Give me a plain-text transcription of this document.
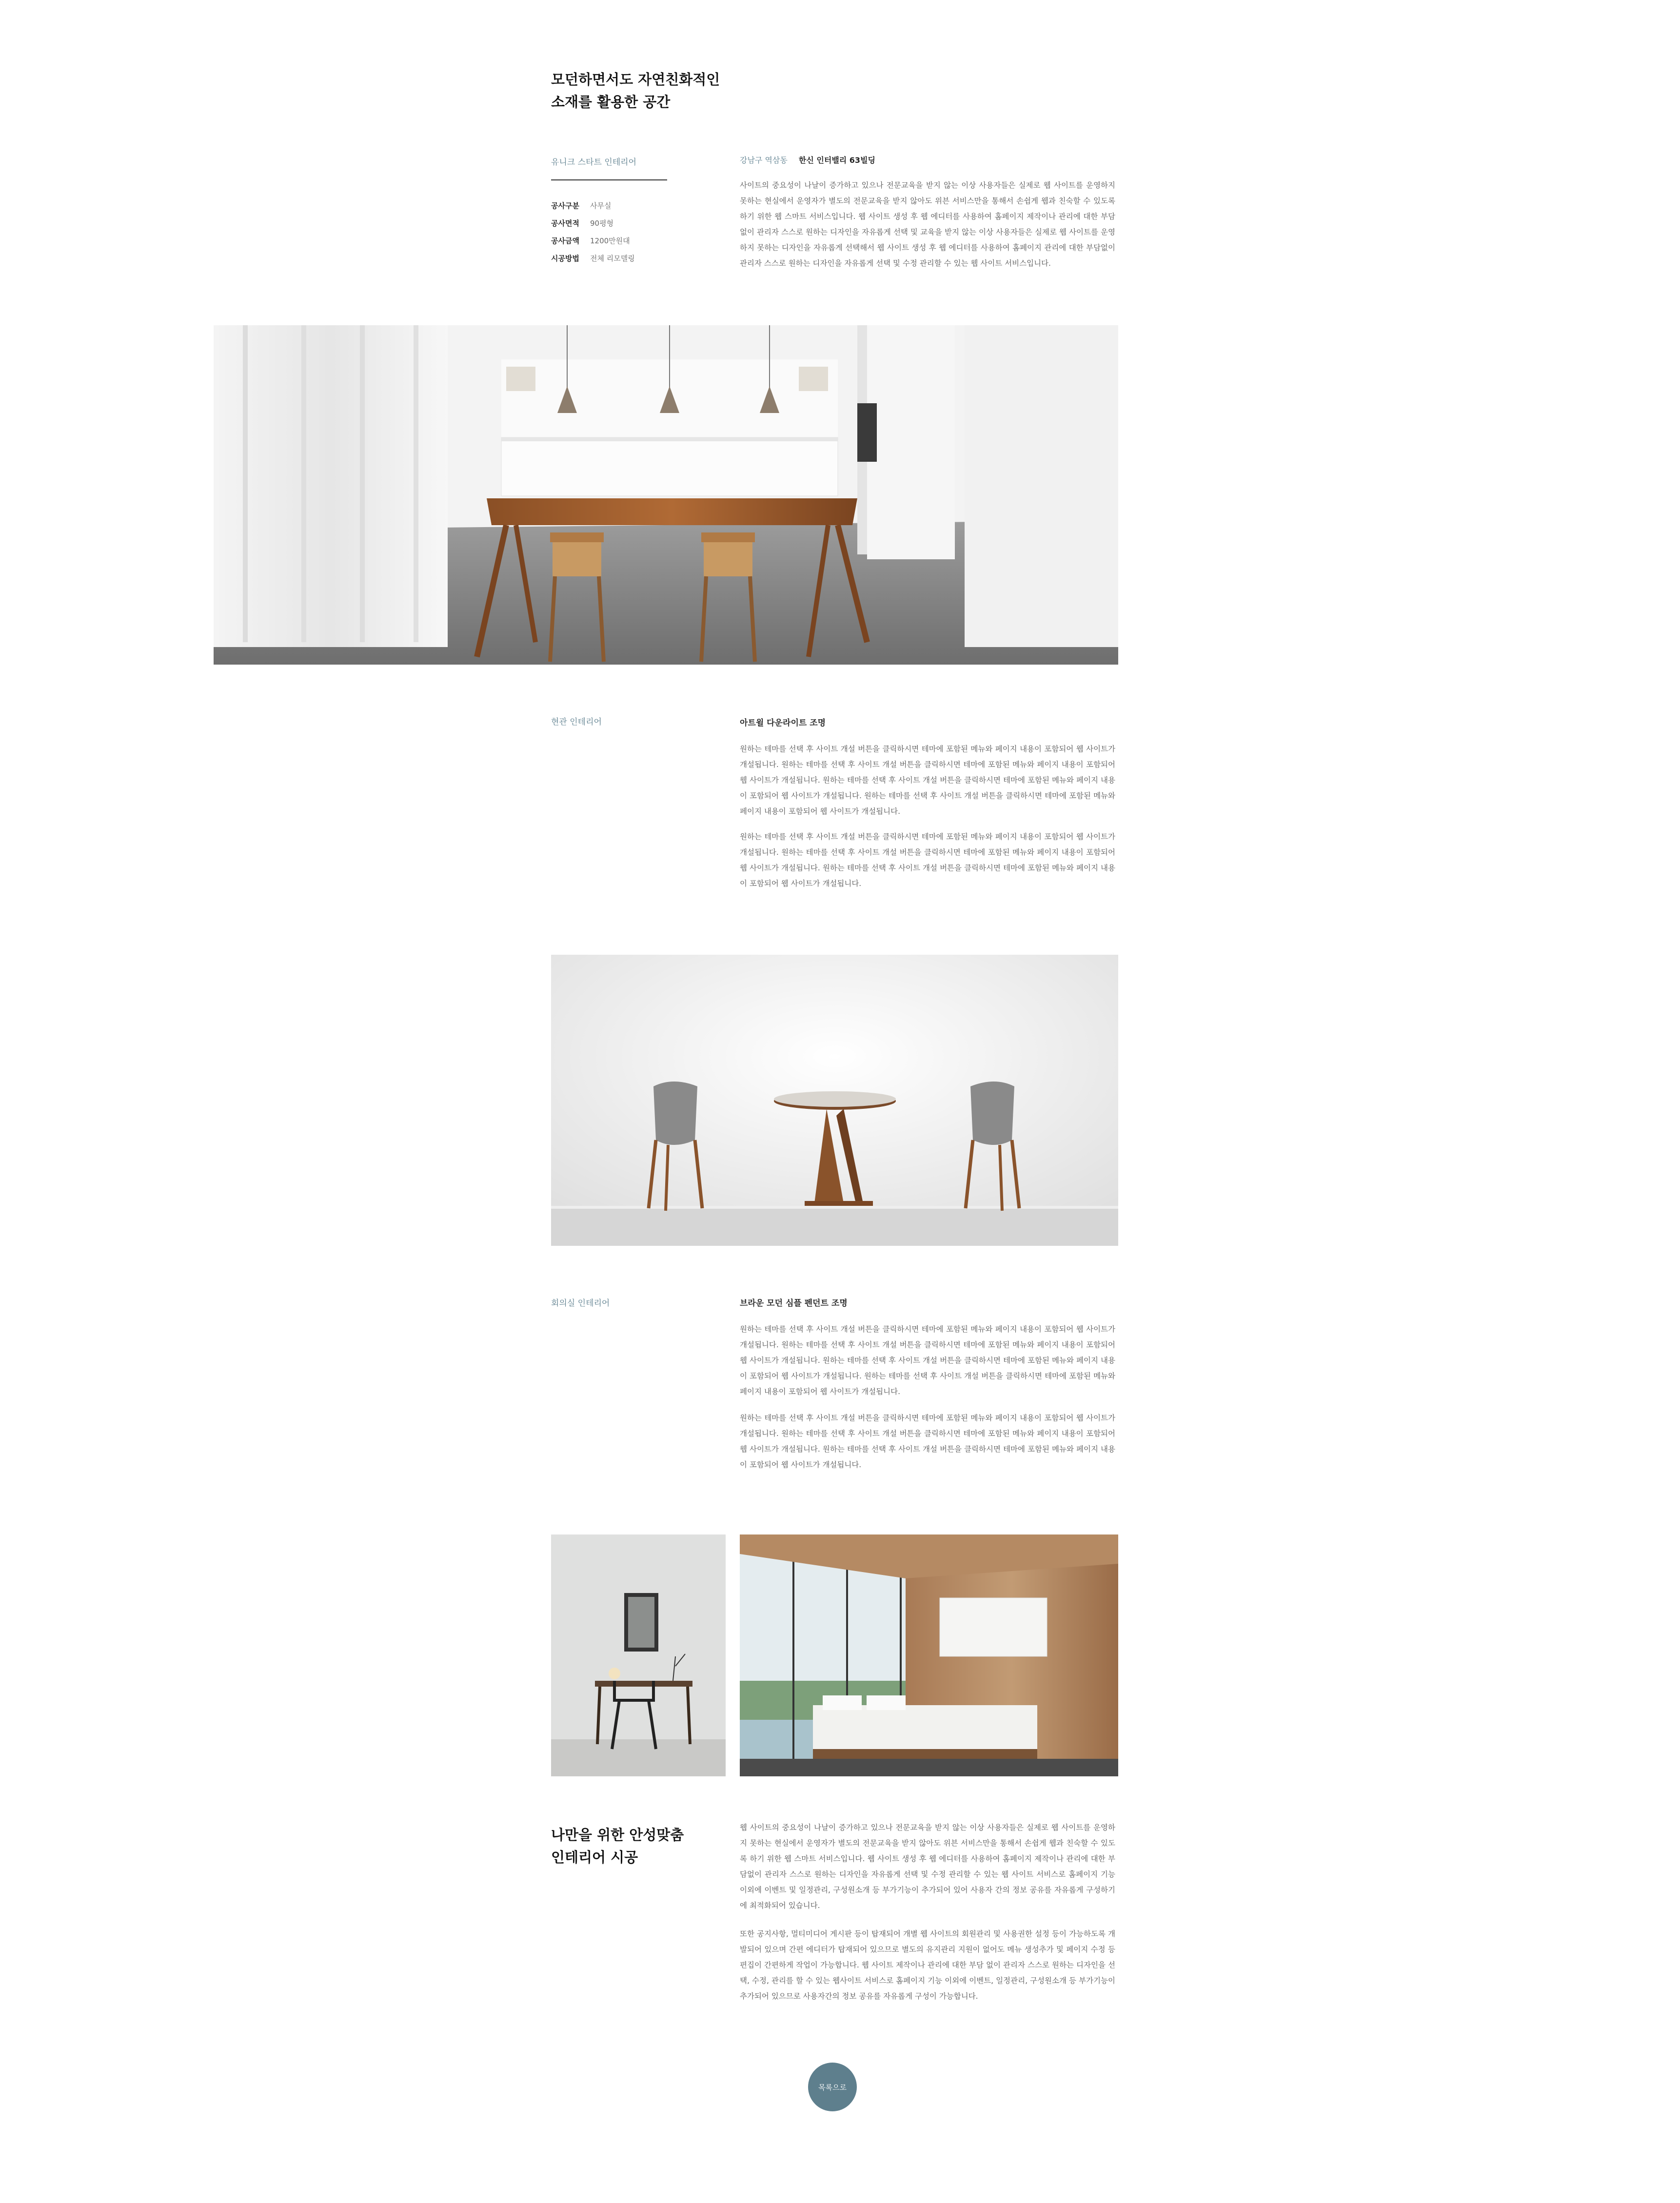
모던하면서도 자연친화적인
소재를 활용한 공간
유니크 스타트 인테리어
공사구분	사무실
공사면적	90평형
공사금액	1200만원대
시공방법	전체 리모델링
강남구 역삼동 한신 인터밸리 63빌딩
사이트의 중요성이 나날이 증가하고 있으나 전문교육을 받지 않는 이상 사용자들은 실제로 웹 사이트를 운영하지 못하는 현실에서 운영자가 별도의 전문교육을 받지 않아도 위븐 서비스만을 통해서 손쉽게 웹과 친숙할 수 있도록 하기 위한 웹 스마트 서비스입니다. 웹 사이트 생성 후 웹 에디터를 사용하여 홈페이지 제작이나 관리에 대한 부담없이 관리자 스스로 원하는 디자인을 자유롭게 선택 및 교육을 받지 않는 이상 사용자들은 실제로 웹 사이트를 운영하지 못하는 디자인을 자유롭게 선택해서 웹 사이트 생성 후 웹 에디터를 사용하여 홈페이지 관리에 대한 부담없이 관리자 스스로 원하는 디자인을 자유롭게 선택 및 수정 관리할 수 있는 웹 사이트 서비스입니다.
현관 인테리어	아트윌 다운라이트 조명
원하는 테마를 선택 후 사이트 개설 버튼을 클릭하시면 테마에 포함된 메뉴와 페이지 내용이 포함되어 웹 사이트가 개설됩니다. 원하는 테마를 선택 후 사이트 개설 버튼을 클릭하시면 테마에 포함된 메뉴와 페이지 내용이 포함되어 웹 사이트가 개설됩니다. 원하는 테마를 선택 후 사이트 개설 버튼을 클릭하시면 테마에 포함된 메뉴와 페이지 내용이 포함되어 웹 사이트가 개설됩니다. 원하는 테마를 선택 후 사이트 개설 버튼을 클릭하시면 테마에 포함된 메뉴와 페이지 내용이 포함되어 웹 사이트가 개설됩니다.
원하는 테마를 선택 후 사이트 개설 버튼을 클릭하시면 테마에 포함된 메뉴와 페이지 내용이 포함되어 웹 사이트가 개설됩니다. 원하는 테마를 선택 후 사이트 개설 버튼을 클릭하시면 테마에 포함된 메뉴와 페이지 내용이 포함되어 웹 사이트가 개설됩니다. 원하는 테마를 선택 후 사이트 개설 버튼을 클릭하시면 테마에 포함된 메뉴와 페이지 내용이 포함되어 웹 사이트가 개설됩니다.
회의실 인테리어	브라운 모던 심플 펜던트 조명
원하는 테마를 선택 후 사이트 개설 버튼을 클릭하시면 테마에 포함된 메뉴와 페이지 내용이 포함되어 웹 사이트가 개설됩니다. 원하는 테마를 선택 후 사이트 개설 버튼을 클릭하시면 테마에 포함된 메뉴와 페이지 내용이 포함되어 웹 사이트가 개설됩니다. 원하는 테마를 선택 후 사이트 개설 버튼을 클릭하시면 테마에 포함된 메뉴와 페이지 내용이 포함되어 웹 사이트가 개설됩니다. 원하는 테마를 선택 후 사이트 개설 버튼을 클릭하시면 테마에 포함된 메뉴와 페이지 내용이 포함되어 웹 사이트가 개설됩니다.
원하는 테마를 선택 후 사이트 개설 버튼을 클릭하시면 테마에 포함된 메뉴와 페이지 내용이 포함되어 웹 사이트가 개설됩니다. 원하는 테마를 선택 후 사이트 개설 버튼을 클릭하시면 테마에 포함된 메뉴와 페이지 내용이 포함되어 웹 사이트가 개설됩니다. 원하는 테마를 선택 후 사이트 개설 버튼을 클릭하시면 테마에 포함된 메뉴와 페이지 내용이 포함되어 웹 사이트가 개설됩니다.
나만을 위한 안성맞춤
인테리어 시공
웹 사이트의 중요성이 나날이 증가하고 있으나 전문교육을 받지 않는 이상 사용자들은 실제로 웹 사이트를 운영하지 못하는 현실에서 운영자가 별도의 전문교육을 받지 않아도 위븐 서비스만을 통해서 손쉽게 웹과 친숙할 수 있도록 하기 위한 웹 스마트 서비스입니다. 웹 사이트 생성 후 웹 에디터를 사용하여 홈페이지 제작이나 관리에 대한 부담없이 관리자 스스로 원하는 디자인을 자유롭게 선택 및 수정 관리할 수 있는 웹 사이트 서비스로 홈페이지 기능 이외에 이벤트 및 일정관리, 구성원소개 등 부가기능이 추가되어 있어 사용자 간의 정보 공유를 자유롭게 구성하기에 최적화되어 있습니다.
또한 공지사항, 멀티미디어 게시판 등이 탑재되어 개별 웹 사이트의 회원관리 및 사용권한 설정 등이 가능하도록 개발되어 있으며 간편 에디터가 탑재되어 있으므로 별도의 유지관리 지원이 없어도 메뉴 생성추가 및 페이지 수정 등 편집이 간편하게 작업이 가능합니다. 웹 사이트 제작이나 관리에 대한 부담 없이 관리자 스스로 원하는 디자인을 선택, 수정, 관리를 할 수 있는 웹사이트 서비스로 홈페이지 기능 이외에 이벤트, 일정관리, 구성원소개 등 부가기능이 추가되어 있으므로 사용자간의 정보 공유를 자유롭게 구성이 가능합니다.
목록으로
